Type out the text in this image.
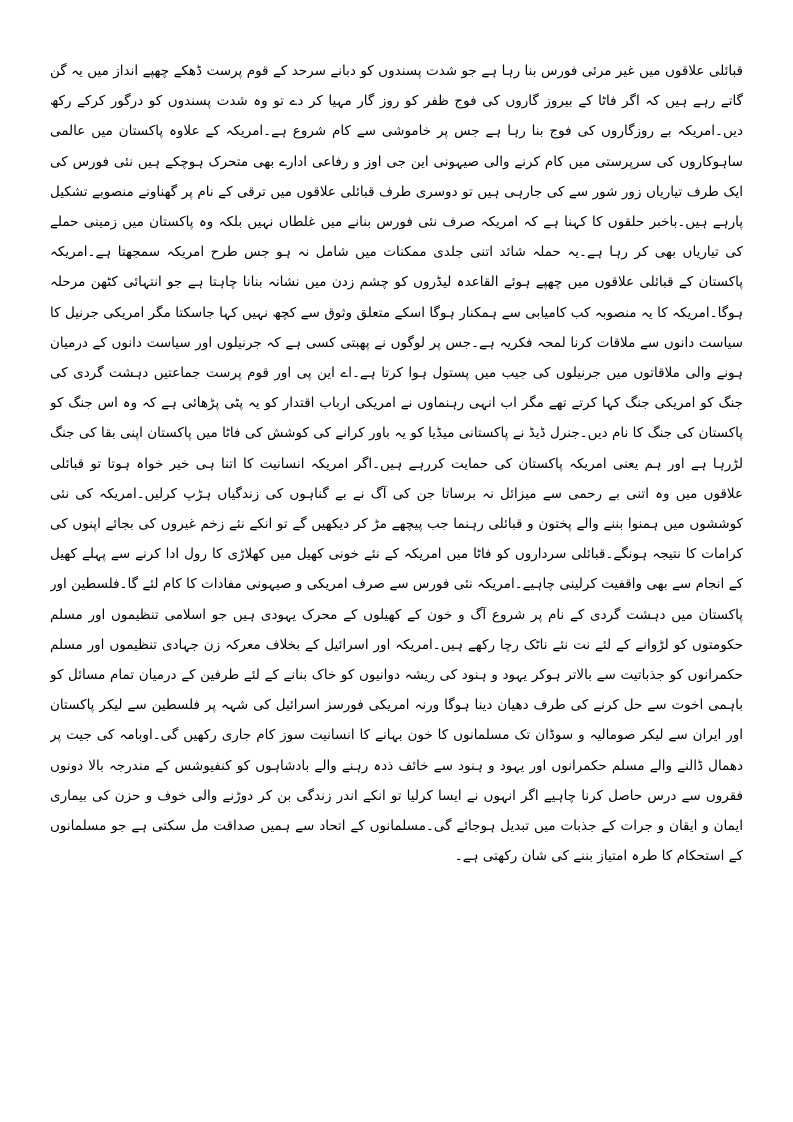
قبائلی علاقوں میں غیر مرئی فورس بنا رہا ہے جو شدت پسندوں کو دبانے سرحد کے قوم پرست ڈھکے چھپے انداز میں یہ گن گاتے رہے ہیں کہ اگر فاٹا کے بیروز گاروں کی فوج ظفر کو روز گار مہیا کر دے تو وہ شدت پسندوں کو درگور کرکے رکھ دیں۔امریکہ بے روزگاروں کی فوج بنا رہا ہے جس پر خاموشی سے کام شروع ہے۔امریکہ کے علاوہ پاکستان میں عالمی ساہوکاروں کی سرپرستی میں کام کرنے والی صیہونی این جی اوز و رفاعی ادارے بھی متحرک ہوچکے ہیں نئی فورس کی ایک طرف تیاریاں زور شور سے کی جارہی ہیں تو دوسری طرف قبائلی علاقوں میں ترقی کے نام پر گھناونے منصوبے تشکیل پارہے ہیں۔باخبر حلقوں کا کہنا ہے کہ امریکہ صرف نئی فورس بنانے میں غلطاں نہیں بلکہ وہ پاکستان میں زمینی حملے کی تیاریاں بھی کر رہا ہے۔یہ حملہ شائد اتنی جلدی ممکنات میں شامل نہ ہو جس طرح امریکہ سمجھتا ہے۔امریکہ پاکستان کے قبائلی علاقوں میں چھپے ہوئے القاعدہ لیڈروں کو چشم زدن میں نشانہ بنانا چاہتا ہے جو انتہائی کٹھن مرحلہ ہوگا۔امریکہ کا یہ منصوبہ کب کامیابی سے ہمکنار ہوگا اسکے متعلق وثوق سے کچھ نہیں کہا جاسکتا مگر امریکی جرنیل کا سیاست دانوں سے ملاقات کرنا لمحہ فکریہ ہے۔جس پر لوگوں نے پھبتی کسی ہے کہ جرنیلوں اور سیاست دانوں کے درمیان ہونے والی ملاقاتوں میں جرنیلوں کی جیب میں پستول ہوا کرتا ہے۔اے این پی اور قوم پرست جماعتیں دہشت گردی کی جنگ کو امریکی جنگ کہا کرتے تھے مگر اب انہی رہنماوں نے امریکی ارباب اقتدار کو یہ پٹی پڑھائی ہے کہ وہ اس جنگ کو پاکستان کی جنگ کا نام دیں۔جنرل ڈیڈ نے پاکستانی میڈیا کو یہ باور کرانے کی کوشش کی فاٹا میں پاکستان اپنی بقا کی جنگ لڑرہا ہے اور ہم یعنی امریکہ پاکستان کی حمایت کررہے ہیں۔اگر امریکہ انسانیت کا اتنا ہی خیر خواہ ہوتا تو قبائلی علاقوں میں وہ اتنی بے رحمی سے میزائل نہ برساتا جن کی آگ نے بے گناہوں کی زندگیاں ہڑپ کرلیں۔امریکہ کی نئی کوششوں میں ہمنوا بننے والے پختون و قبائلی رہنما جب پیچھے مڑ کر دیکھیں گے تو انکے نئے زخم غیروں کی بجائے اپنوں کی کرامات کا نتیجہ ہونگے۔قبائلی سرداروں کو فاٹا میں امریکہ کے نئے خونی کھیل میں کھلاڑی کا رول ادا کرنے سے پہلے کھیل کے انجام سے بھی واقفیت کرلینی چاہیے۔امریکہ نئی فورس سے صرف امریکی و صیہونی مفادات کا کام لئے گا۔فلسطین اور پاکستان میں دہشت گردی کے نام پر شروع آگ و خون کے کھیلوں کے محرک یہودی ہیں جو اسلامی تنظیموں اور مسلم حکومتوں کو لڑوانے کے لئے نت نئے ناٹک رچا رکھے ہیں۔امریکہ اور اسرائیل کے بخلاف معرکہ زن جہادی تنظیموں اور مسلم حکمرانوں کو جذباتیت سے بالاتر ہوکر یہود و ہنود کی ریشہ دوانیوں کو خاک بنانے کے لئے طرفین کے درمیان تمام مسائل کو باہمی اخوت سے حل کرنے کی طرف دھیان دینا ہوگا ورنہ امریکی فورسز اسرائیل کی شہہ پر فلسطین سے لیکر پاکستان اور ایران سے لیکر صومالیہ و سوڈان تک مسلمانوں کا خون بہانے کا انسانیت سوز کام جاری رکھیں گی۔اوبامہ کی جیت پر دھمال ڈالنے والے مسلم حکمرانوں اور یہود و ہنود سے خائف ذدہ رہنے والے بادشاہوں کو کنفیوشس کے مندرجہ بالا دونوں فقروں سے درس حاصل کرنا چاہیے اگر انہوں نے ایسا کرلیا تو انکے اندر زندگی بن کر دوڑنے والی خوف و حزن کی بیماری ایمان و ایقان و جرات کے جذبات میں تبدیل ہوجائے گی۔مسلمانوں کے اتحاد سے ہمیں صداقت مل سکتی ہے جو مسلمانوں کے استحکام کا طرہ امتیاز بننے کی شان رکھتی ہے۔
